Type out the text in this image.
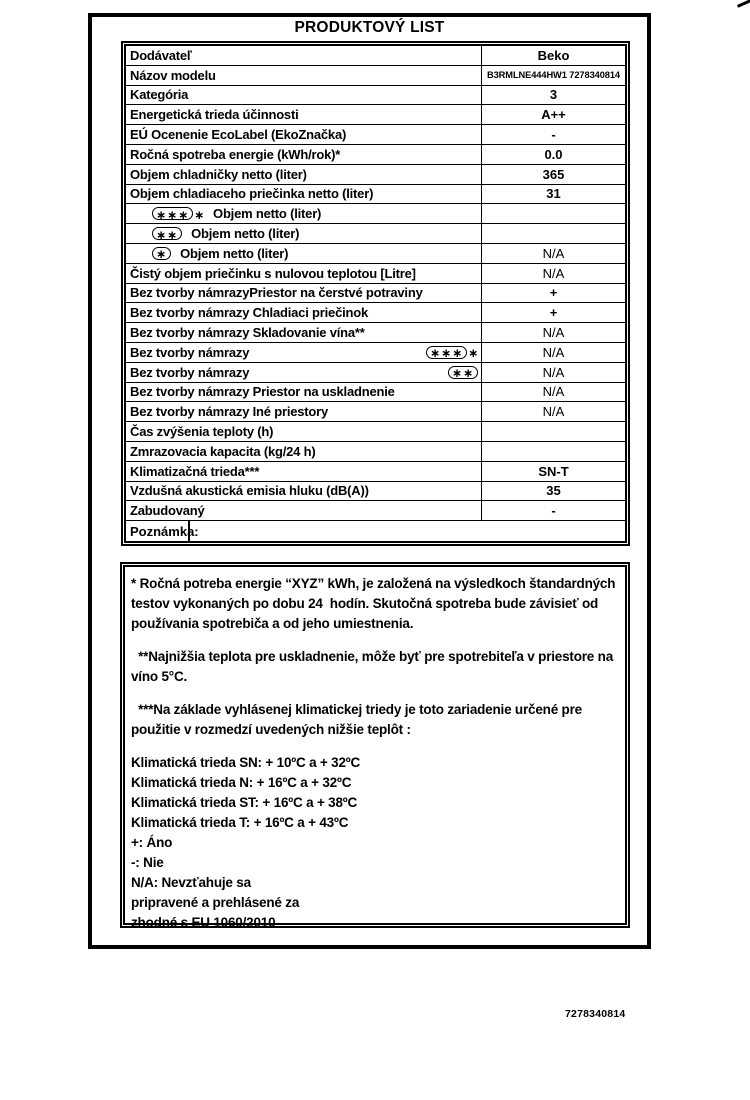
PRODUKTOVÝ LIST
Dodávateľ	Beko
Názov modelu	B3RMLNE444HW1 7278340814
Kategória	3
Energetická trieda účinnosti	A++
EÚ Ocenenie EcoLabel (EkoZnačka)	-
Ročná spotreba energie (kWh/rok)*	0.0
Objem chladničky netto (liter)	365
Objem chladiaceho priečinka netto (liter)	31
∗∗∗ ∗ Objem netto (liter)
∗∗ Objem netto (liter)
∗ Objem netto (liter)	N/A
Čistý objem priečinku s nulovou teplotou [Litre]	N/A
Bez tvorby námrazyPriestor na čerstvé potraviny	+
Bez tvorby námrazy Chladiaci priečinok	+
Bez tvorby námrazy Skladovanie vína**	N/A
Bez tvorby námrazy	∗∗∗ ∗	N/A
Bez tvorby námrazy	∗∗	N/A
Bez tvorby námrazy Priestor na uskladnenie	N/A
Bez tvorby námrazy Iné priestory	N/A
Čas zvýšenia teploty (h)
Zmrazovacia kapacita (kg/24 h)
Klimatizačná trieda***	SN-T
Vzdušná akustická emisia hluku (dB(A))	35
Zabudovaný	-
Poznámka:

* Ročná potreba energie “XYZ” kWh, je založená na výsledkoch štandardných testov vykonaných po dobu 24  hodín. Skutočná spotreba bude závisieť od používania spotrebiča a od jeho umiestnenia.

**Najnižšia teplota pre uskladnenie, môže byť pre spotrebiteľa v priestore na víno 5°C.

***Na základe vyhlásenej klimatickej triedy je toto zariadenie určené pre použitie v rozmedzí uvedených nižšie teplôt :

Klimatická trieda SN: + 10ºC a + 32ºC
Klimatická trieda N: + 16ºC a + 32ºC
Klimatická trieda ST: + 16ºC a + 38ºC
Klimatická trieda T: + 16ºC a + 43ºC
+: Áno
-: Nie
N/A: Nevzťahuje sa
pripravené a prehlásené za
zhodné s EU 1060/2010
7278340814
